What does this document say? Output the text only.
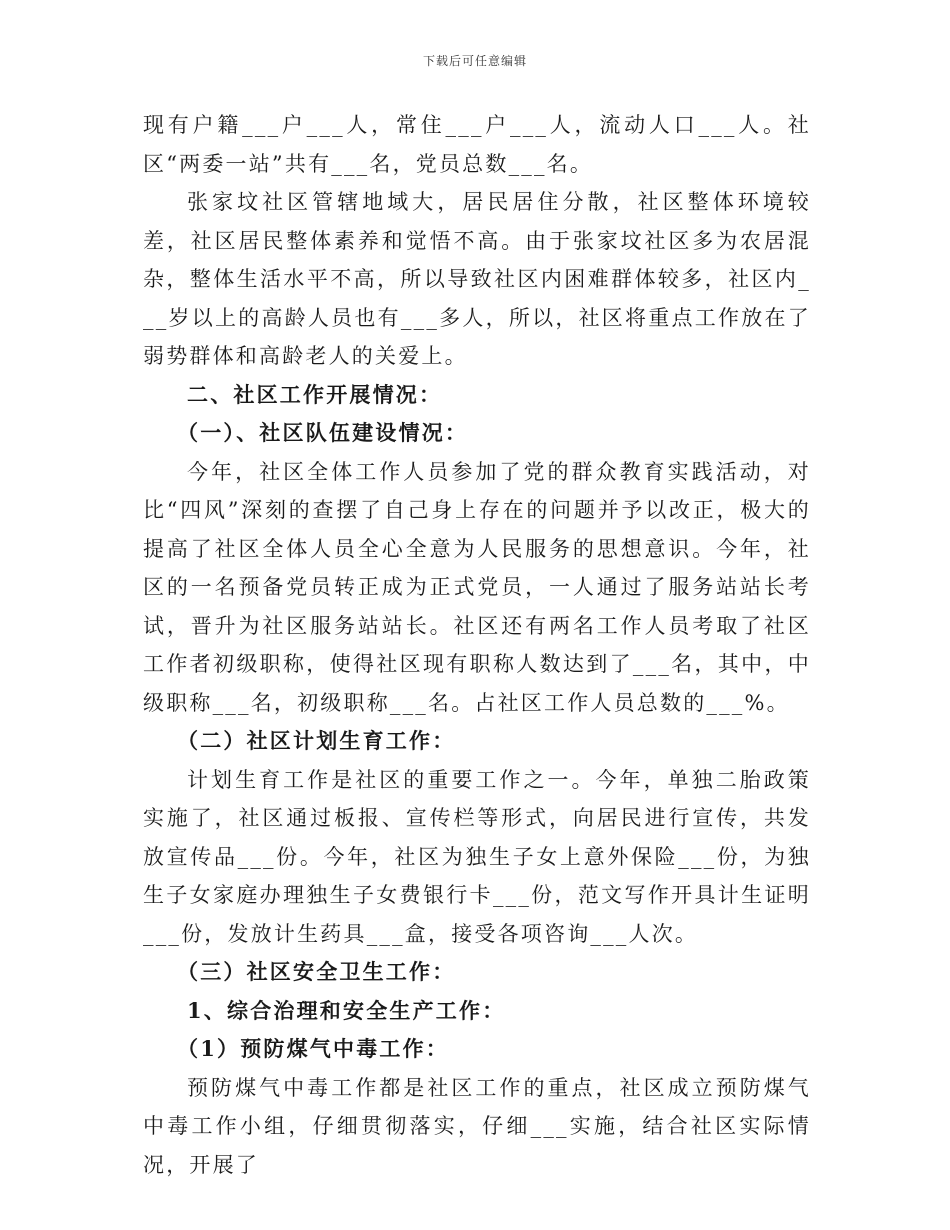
下载后可任意编辑

现有户籍___户___人，常住___户___人，流动人口___人。社区“两委一站”共有___名，党员总数___名。

张家坟社区管辖地域大，居民居住分散，社区整体环境较差，社区居民整体素养和觉悟不高。由于张家坟社区多为农居混杂，整体生活水平不高，所以导致社区内困难群体较多，社区内___岁以上的高龄人员也有___多人，所以，社区将重点工作放在了弱势群体和高龄老人的关爱上。

二、社区工作开展情况：

（一）、社区队伍建设情况：

今年，社区全体工作人员参加了党的群众教育实践活动，对比“四风”深刻的查摆了自己身上存在的问题并予以改正，极大的提高了社区全体人员全心全意为人民服务的思想意识。今年，社区的一名预备党员转正成为正式党员，一人通过了服务站站长考试，晋升为社区服务站站长。社区还有两名工作人员考取了社区工作者初级职称，使得社区现有职称人数达到了___名，其中，中级职称___名，初级职称___名。占社区工作人员总数的___%。

（二）社区计划生育工作：

计划生育工作是社区的重要工作之一。今年，单独二胎政策实施了，社区通过板报、宣传栏等形式，向居民进行宣传，共发放宣传品___份。今年，社区为独生子女上意外保险___份，为独生子女家庭办理独生子女费银行卡___份，范文写作开具计生证明___份，发放计生药具___盒，接受各项咨询___人次。

（三）社区安全卫生工作：

1、综合治理和安全生产工作：

（1）预防煤气中毒工作：

预防煤气中毒工作都是社区工作的重点，社区成立预防煤气中毒工作小组，仔细贯彻落实，仔细___实施，结合社区实际情况，开展了
